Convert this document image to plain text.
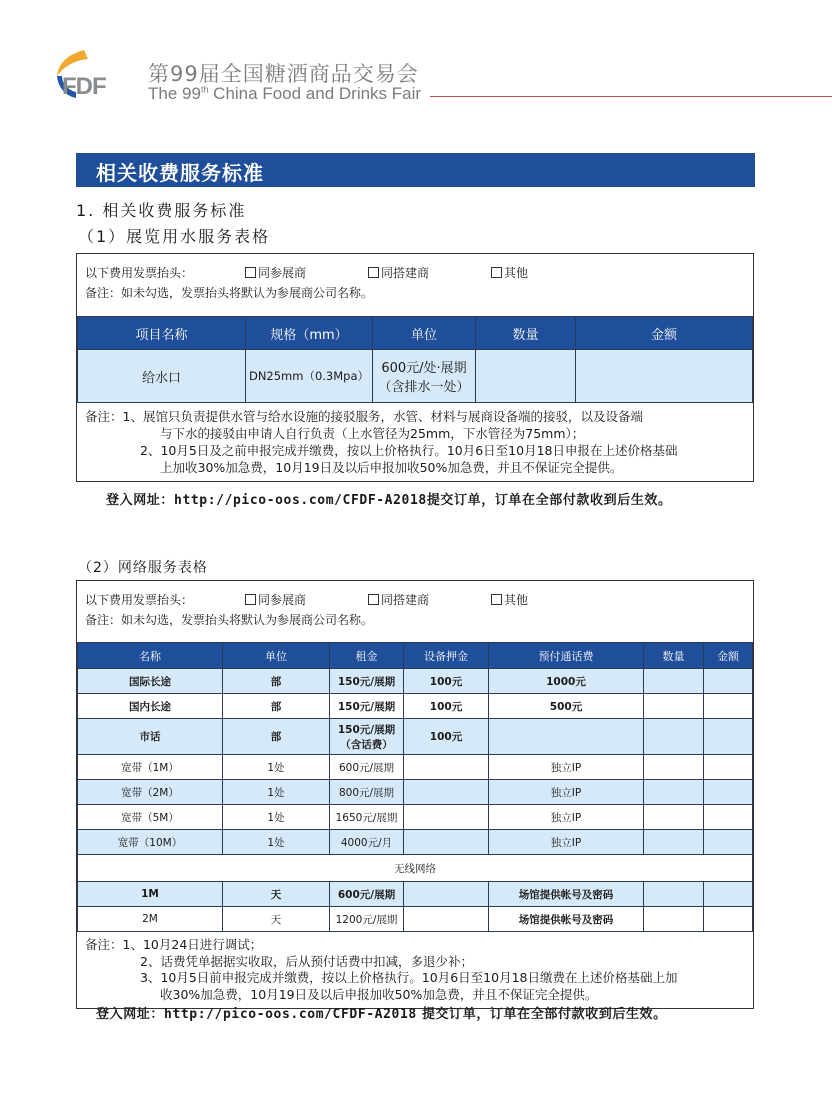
FDF 第99届全国糖酒商品交易会
The 99th China Food and Drinks Fair
相关收费服务标准
1. 相关收费服务标准
（1）展览用水服务表格
以下费用发票抬头：	同参展商	同搭建商	其他
备注：如未勾选，发票抬头将默认为参展商公司名称。
项目名称	规格（mm）	单位	数量	金额
给水口	DN25mm（0.3Mpa）	600元/处·展期
（含排水一处）		

备注： 1、展馆只负责提供水管与给水设施的接驳服务，水管、材料与展商设备端的接驳，以及设备端
与下水的接驳由申请人自行负责（上水管径为25mm，下水管径为75mm）；
2、10月5日及之前申报完成并缴费，按以上价格执行。10月6日至10月18日申报在上述价格基础
上加收30%加急费，10月19日及以后申报加收50%加急费，并且不保证完全提供。
登入网址：http://pico-oos.com/CFDF-A2018提交订单，订单在全部付款收到后生效。
（2）网络服务表格
以下费用发票抬头：	同参展商	同搭建商	其他
备注：如未勾选，发票抬头将默认为参展商公司名称。
名称	单位	租金	设备押金	预付通话费	数量	金额
国际长途	部	150元/展期	100元	1000元		
国内长途	部	150元/展期	100元	500元		
市话	部	150元/展期
（含话费）	100元			
宽带（1M）	1处	600元/展期		独立IP		
宽带（2M）	1处	800元/展期		独立IP		
宽带（5M）	1处	1650元/展期		独立IP		
宽带（10M）	1处	4000元/月		独立IP		
无线网络						
1M	天	600元/展期		场馆提供帐号及密码		
2M	天	1200元/展期		场馆提供帐号及密码		
备注： 1、10月24日进行调试；
2、话费凭单据据实收取，后从预付话费中扣减，多退少补；
3、10月5日前申报完成并缴费，按以上价格执行。10月6日至10月18日缴费在上述价格基础上加
收30%加急费，10月19日及以后申报加收50%加急费，并且不保证完全提供。
登入网址：http://pico-oos.com/CFDF-A2018 提交订单，订单在全部付款收到后生效。
